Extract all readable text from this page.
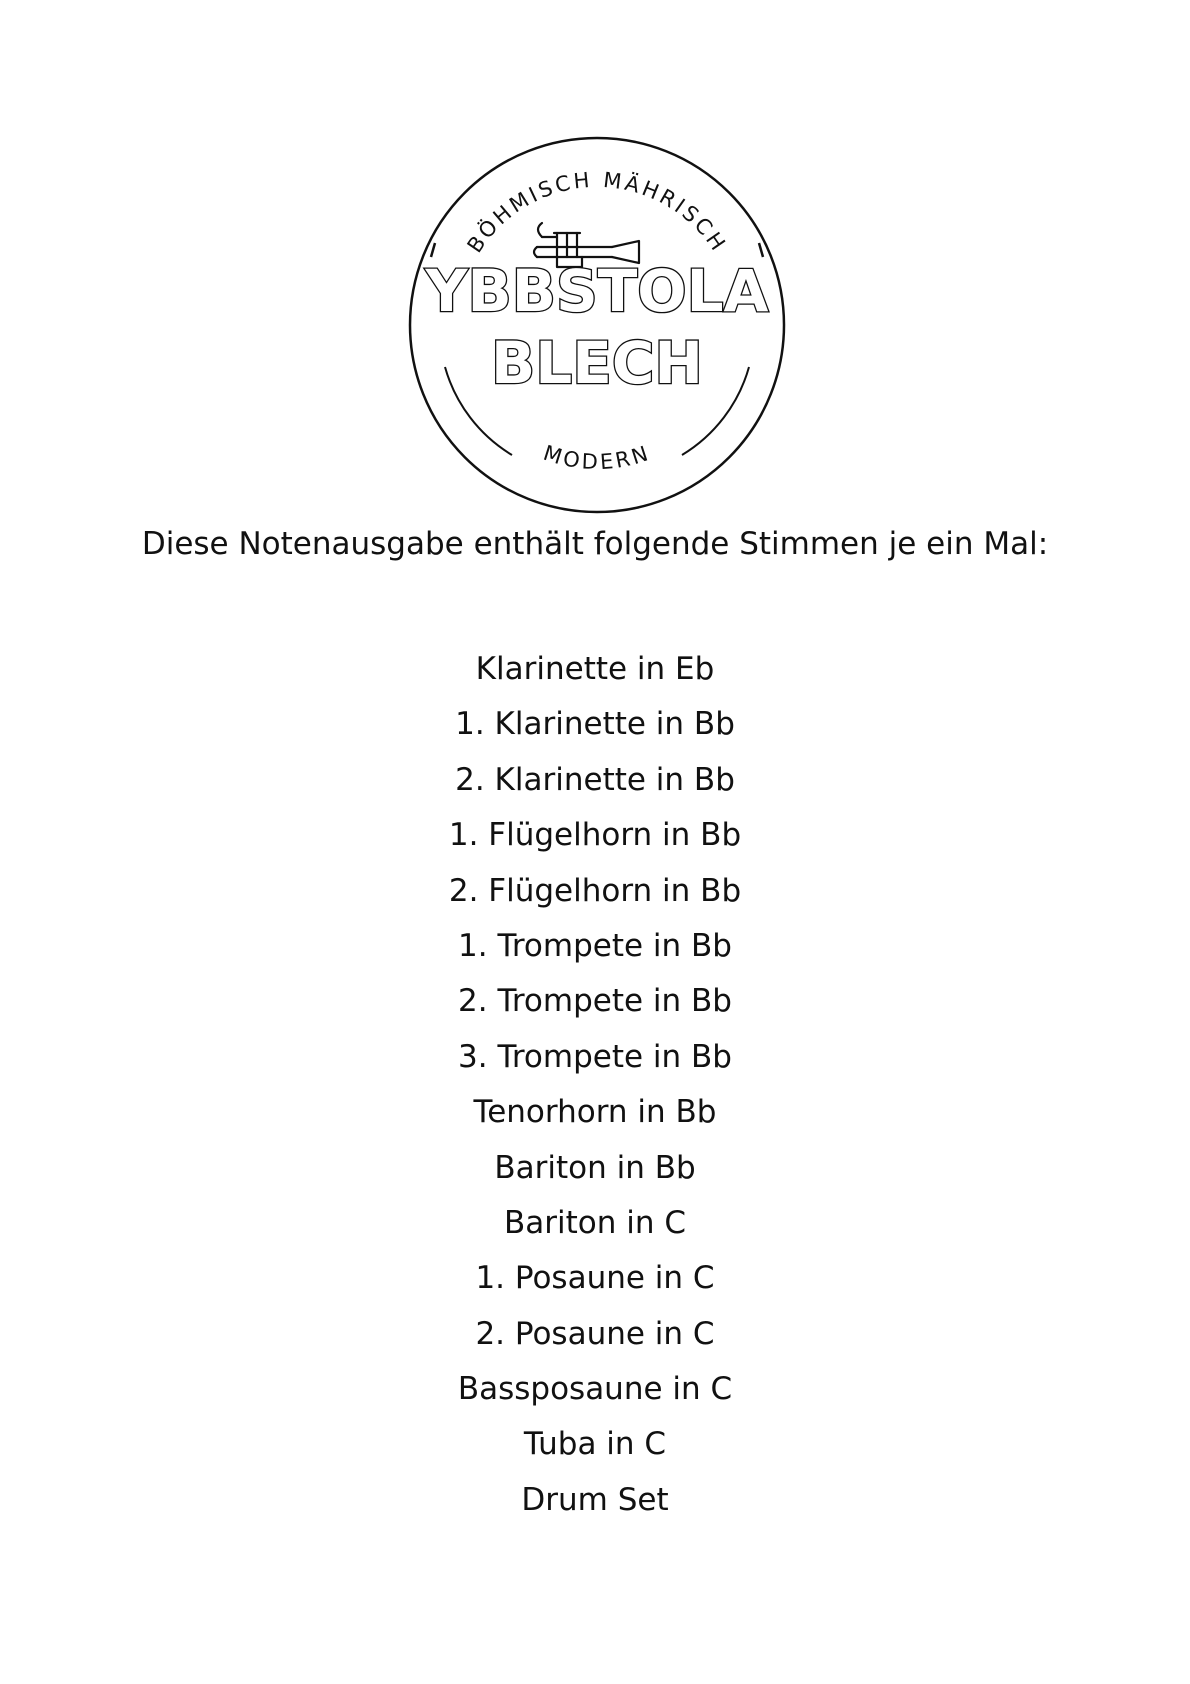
BÖHMISCH MÄHRISCH
MODERN
YBBSTOLA
BLECH

Diese Notenausgabe enthält folgende Stimmen je ein Mal:

Klarinette in Eb
1. Klarinette in Bb
2. Klarinette in Bb
1. Flügelhorn in Bb
2. Flügelhorn in Bb
1. Trompete in Bb
2. Trompete in Bb
3. Trompete in Bb
Tenorhorn in Bb
Bariton in Bb
Bariton in C
1. Posaune in C
2. Posaune in C
Bassposaune in C
Tuba in C
Drum Set
